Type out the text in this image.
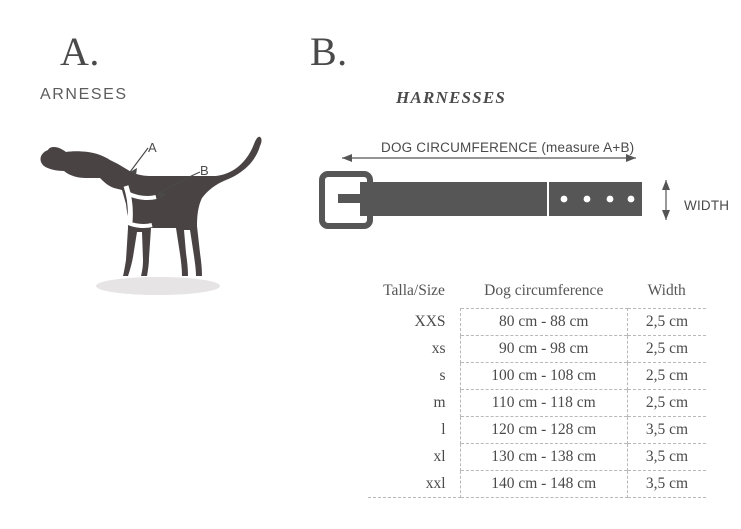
A.
ARNESES
A
B
B.
HARNESSES
DOG CIRCUMFERENCE (measure A+B)
WIDTH
Talla/Size	Dog circumference	Width
XXS	80 cm - 88 cm	2,5 cm
xs	90 cm - 98 cm	2,5 cm
s	100 cm - 108 cm	2,5 cm
m	110 cm - 118 cm	2,5 cm
l	120 cm - 128 cm	3,5 cm
xl	130 cm - 138 cm	3,5 cm
xxl	140 cm - 148 cm	3,5 cm
